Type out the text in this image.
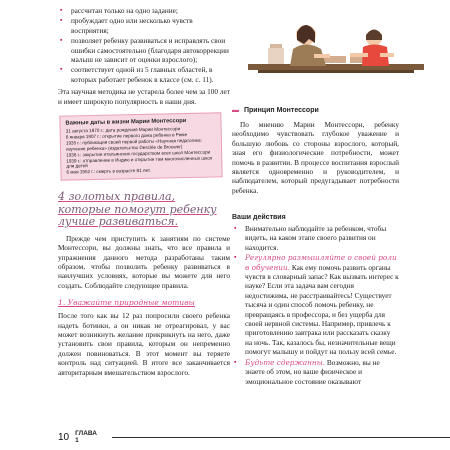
▪ рассчитан только на одно задание;
▪ пробуждает одно или несколько чувств восприятия;
▪ позволяет ребенку развиваться и исправлять свои ошибки самостоятельно (благодаря автокоррекции малыш не зависит от оценки взрослого);
▪ соответствует одной из 5 главных областей, в которых работает ребенок в классе (см. с. 11).

Эта научная методика не устарела более чем за 100 лет и имеет широкую популярность в наши дня.

Важные даты в жизни Марии Монтессори
31 августа 1870 г.: дата рождения Марии Монтессори
6 января 1907 г.: открытие первого дома ребенка в Риме
1935 г.: публикация своей первой работы «Научная педагогика: изучение ребенка» (издательство Desclée de Brouwer)
1936 г.: закрытие итальянских государством всех школ Монтессори
1939 г.: отправление в Индию и открытие там многочисленных школ для детей
6 мая 1952 г.: смерть в возрасте 81 лет.
4 золотых правила, которые помогут ребенку лучше развиваться.

Прежде чем приступить к занятиям по системе Монтессори, вы должны знать, что все правила и упражнения данного метода разработаны таким образом, чтобы позволить ребенку развиваться в наилучших условиях, которые вы можете для него создать. Соблюдайте следующие правила.

1. Уважайте природные мотивы

После того как вы 12 раз попросили своего ребенка надеть ботинки, а он никак не отреагировал, у вас может возникнуть желание прикрикнуть на него, даже установить свои правила, которым он непременно должен повиноваться. В этот момент вы теряете контроль над ситуацией. В итоге все заканчивается авторитарным вмешательством взрослого.

▬ Принцип Монтессори

По мнению Марии Монтессори, ребенку необходимо чувствовать глубокое уважение и большую любовь со стороны взрослого, который, зная его физиологические потребности, может помочь в развитии. В процессе воспитания взрослый является одновременно и руководителем, и наблюдателем, который предугадывает потребности ребенка.

Ваши действия
▪ Внимательно наблюдайте за ребенком, чтобы видеть, на каком этапе своего развития он находится.
▪ Регулярно размышляйте о своей роли в обучении. Как ему помочь развить органы чувств в словарный запас? Как вызвать интерес к науке? Если эта задача вам сегодня недостижима, не расстраивайтесь! Существует тысяча и один способ помочь ребенку, не превращаясь в профессора, и без ущерба для своей нервной системы. Например, привлечь к приготовлению завтрака или рассказать сказку на ночь. Так, казалось бы, незначительные вещи помогут малышу и пойдут на пользу всей семье.
▪ Будьте сдержанны. Возможно, вы не знаете об этом, но ваше физическое и эмоциональное состояние оказывают
10 ГЛАВА 1
